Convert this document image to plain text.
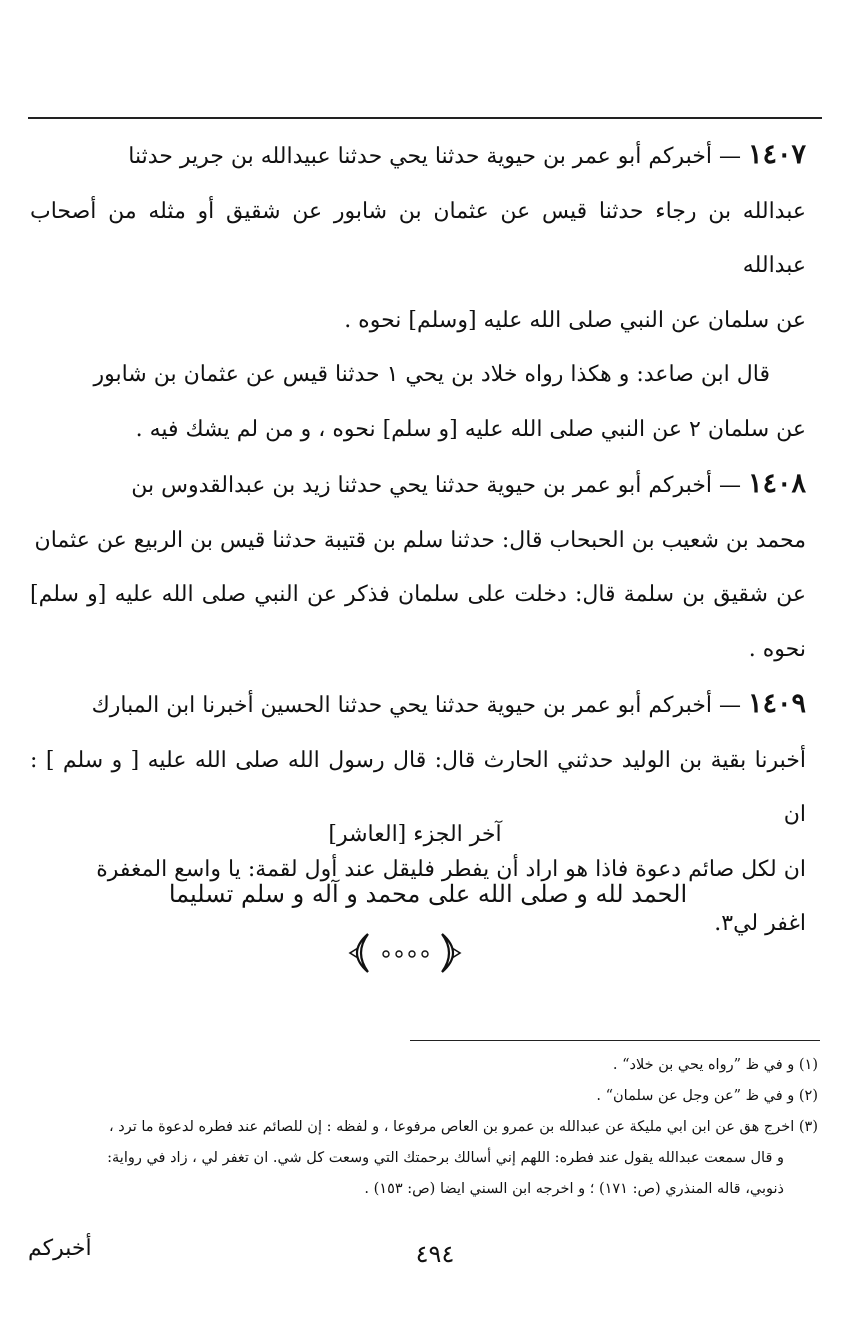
١٤٠٧ — أخبركم أبو عمر بن حيوية حدثنا يحي حدثنا عبيدالله بن جرير حدثنا

عبدالله بن رجاء حدثنا قيس عن عثمان بن شابور عن شقيق أو مثله من أصحاب عبدالله

عن سلمان عن النبي صلى الله عليه [وسلم] نحوه .

قال ابن صاعد: و هكذا رواه خلاد بن يحي ١ حدثنا قيس عن عثمان بن شابور

عن سلمان ٢ عن النبي صلى الله عليه [و سلم] نحوه ، و من لم يشك فيه .

١٤٠٨ — أخبركم أبو عمر بن حيوية حدثنا يحي حدثنا زيد بن عبدالقدوس بن

محمد بن شعيب بن الحبحاب قال: حدثنا سلم بن قتيبة حدثنا قيس بن الربيع عن عثمان

عن شقيق بن سلمة قال: دخلت على سلمان فذكر عن النبي صلى الله عليه [و سلم] نحوه .

١٤٠٩ — أخبركم أبو عمر بن حيوية حدثنا يحي حدثنا الحسين أخبرنا ابن المبارك

أخبرنا بقية بن الوليد حدثني الحارث قال: قال رسول الله صلى الله عليه [ و سلم ] : ان

ان لكل صائم دعوة فاذا هو اراد أن يفطر فليقل عند أول لقمة: يا واسع المغفرة

اغفر لي٣.

آخر الجزء [العاشر]
الحمد لله و صلى الله على محمد و آله و سلم تسليما

(١) و في ظ ”رواه يحي بن خلاد“ .

(٢) و في ظ ”عن وجل عن سلمان“ .

(٣) اخرج هق عن ابن ابي مليكة عن عبدالله بن عمرو بن العاص مرفوعا ، و لفظه : إن للصائم عند فطره لدعوة ما ترد ،

و قال سمعت عبدالله يقول عند فطره: اللهم إني أسالك برحمتك التي وسعت كل شي. ان تغفر لي ، زاد في رواية:

ذنوبي، قاله المنذري (ص: ١٧١) ؛ و اخرجه ابن السني ايضا (ص: ١٥٣) .

٤٩٤
أخبركم
